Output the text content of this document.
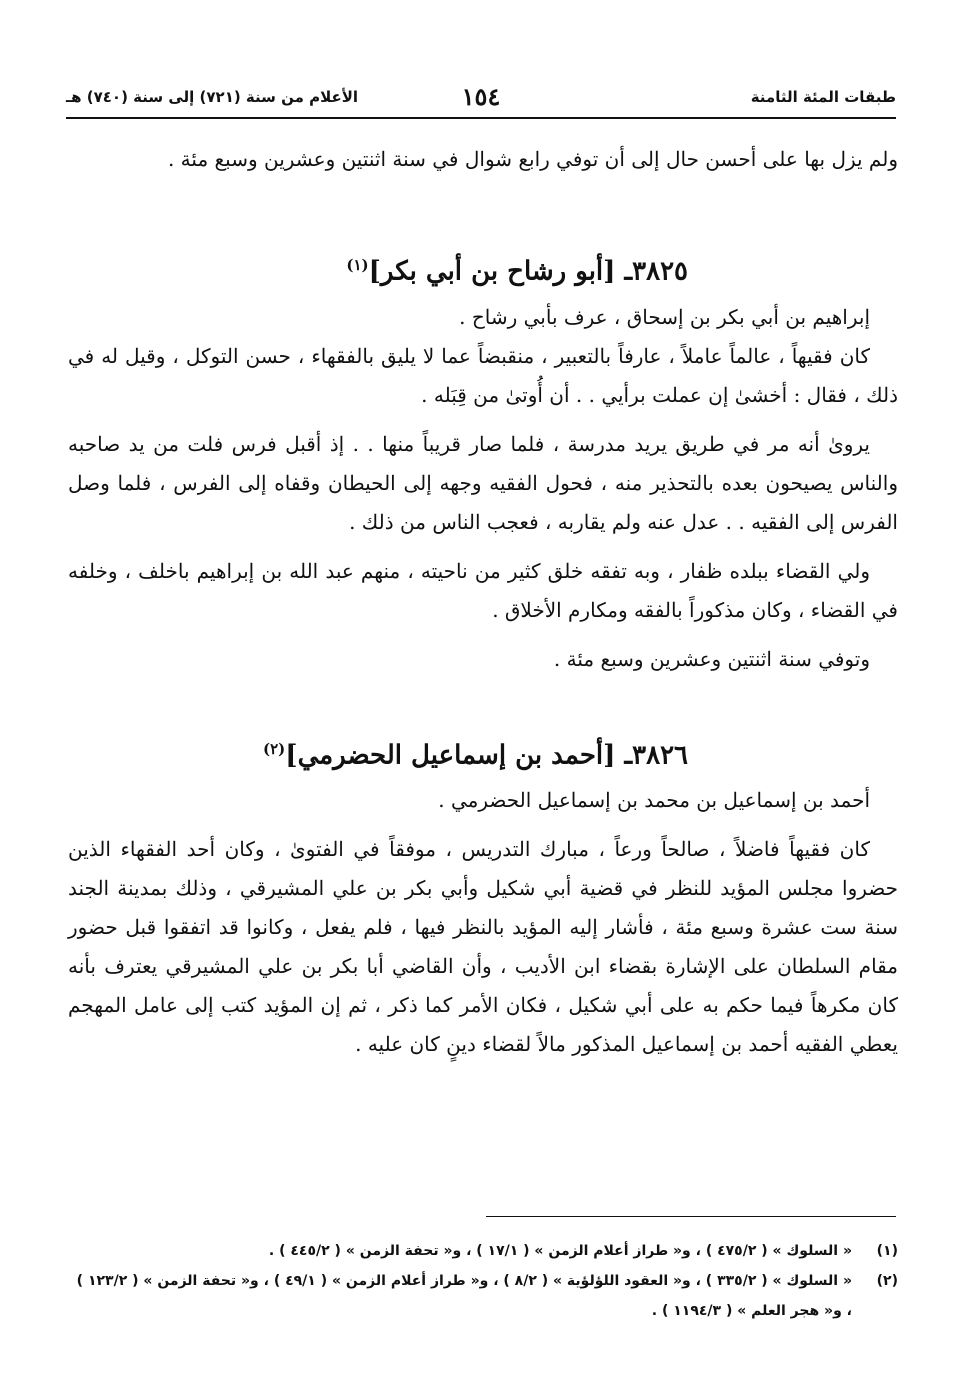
طبقات المئة الثامنة
١٥٤
الأعلام من سنة (٧٢١) إلى سنة (٧٤٠) هـ

ولم يزل بها على أحسن حال إلى أن توفي رابع شوال في سنة اثنتين وعشرين وسبع مئة .

٣٨٢٥ـ [أبو رشاح بن أبي بكر]$^{(١)}$

إبراهيم بن أبي بكر بن إسحاق ، عرف بأبي رشاح .

كان فقيهاً ، عالماً عاملاً ، عارفاً بالتعبير ، منقبضاً عما لا يليق بالفقهاء ، حسن التوكل ، وقيل له في ذلك ، فقال : أخشىٰ إن عملت برأيي . . أن أُوتىٰ من قِبَله .

يروىٰ أنه مر في طريق يريد مدرسة ، فلما صار قريباً منها . . إذ أقبل فرس فلت من يد صاحبه والناس يصيحون بعده بالتحذير منه ، فحول الفقيه وجهه إلى الحيطان وقفاه إلى الفرس ، فلما وصل الفرس إلى الفقيه . . عدل عنه ولم يقاربه ، فعجب الناس من ذلك .

ولي القضاء ببلده ظفار ، وبه تفقه خلق كثير من ناحيته ، منهم عبد الله بن إبراهيم باخلف ، وخلفه في القضاء ، وكان مذكوراً بالفقه ومكارم الأخلاق .

وتوفي سنة اثنتين وعشرين وسبع مئة .

٣٨٢٦ـ [أحمد بن إسماعيل الحضرمي]$^{(٢)}$

أحمد بن إسماعيل بن محمد بن إسماعيل الحضرمي .

كان فقيهاً فاضلاً ، صالحاً ورعاً ، مبارك التدريس ، موفقاً في الفتوىٰ ، وكان أحد الفقهاء الذين حضروا مجلس المؤيد للنظر في قضية أبي شكيل وأبي بكر بن علي المشيرقي ، وذلك بمدينة الجند سنة ست عشرة وسبع مئة ، فأشار إليه المؤيد بالنظر فيها ، فلم يفعل ، وكانوا قد اتفقوا قبل حضور مقام السلطان على الإشارة بقضاء ابن الأديب ، وأن القاضي أبا بكر بن علي المشيرقي يعترف بأنه كان مكرهاً فيما حكم به على أبي شكيل ، فكان الأمر كما ذكر ، ثم إن المؤيد كتب إلى عامل المهجم يعطي الفقيه أحمد بن إسماعيل المذكور مالاً لقضاء دينٍ كان عليه .

(١)
« السلوك » ( ٤٧٥/٢ ) ، و« طراز أعلام الزمن » ( ١٧/١ ) ، و« تحفة الزمن » ( ٤٤٥/٢ ) .
(٢)
« السلوك » ( ٣٣٥/٢ ) ، و« العقود اللؤلؤية » ( ٨/٢ ) ، و« طراز أعلام الزمن » ( ٤٩/١ ) ، و« تحفة الزمن » ( ١٢٣/٢ ) ، و« هجر العلم » ( ١١٩٤/٣ ) .
